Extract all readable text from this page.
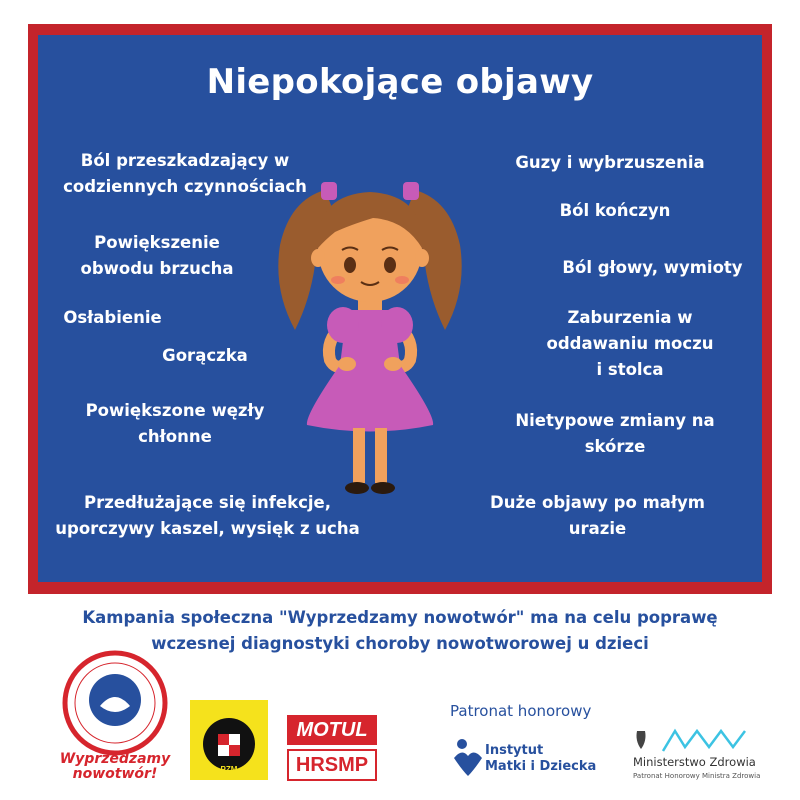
Niepokojące objawy
Ból przeszkadzający w
codziennych czynnościach
Powiększenie
obwodu brzucha
Osłabienie
Gorączka
Powiększone węzły
chłonne
Przedłużające się infekcje,
uporczywy kaszel, wysięk z ucha
Guzy i wybrzuszenia
Ból kończyn
Ból głowy, wymioty
Zaburzenia w
oddawaniu moczu
i stolca
Nietypowe zmiany na
skórze
Duże objawy po małym
urazie
Kampania społeczna "Wyprzedzamy nowotwór" ma na celu poprawę
wczesnej diagnostyki choroby nowotworowej u dzieci
Wyprzedzamy
nowotwór!	PZM
MOTUL
HRSMP
Patronat honorowy
Instytut
Matki i Dziecka	Ministerstwo Zdrowia
Patronat Honorowy Ministra Zdrowia
